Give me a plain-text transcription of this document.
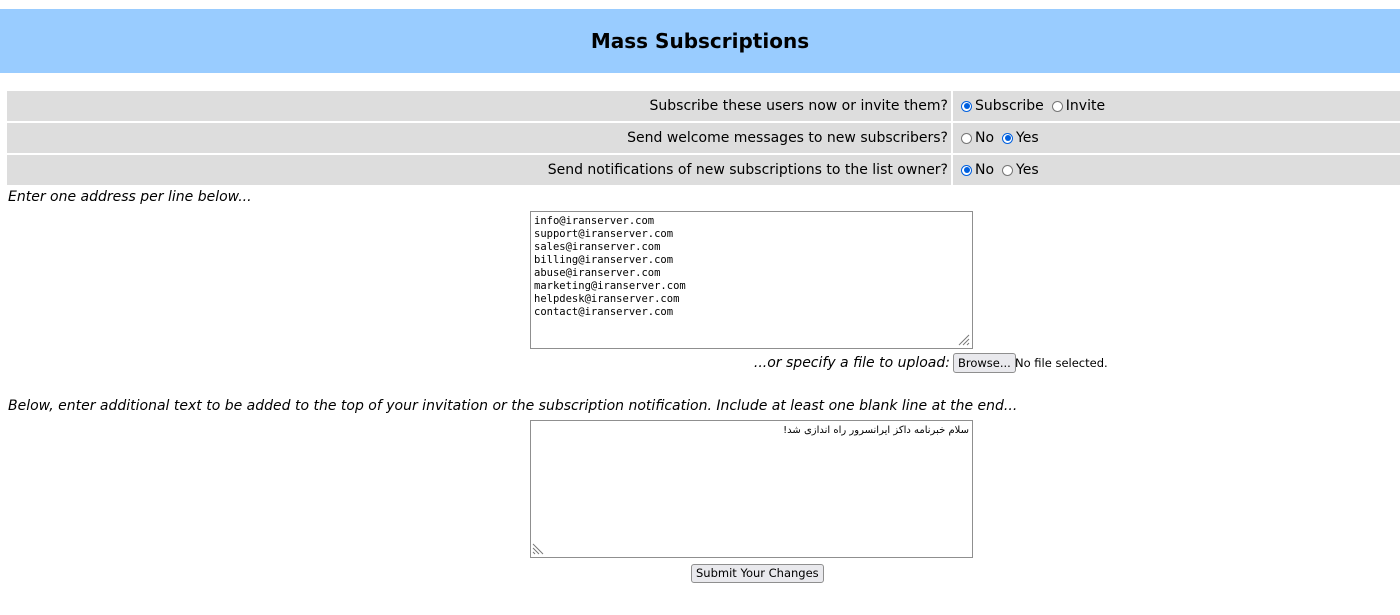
Mass Subscriptions
Subscribe these users now or invite them? Subscribe Invite
Send welcome messages to new subscribers? No Yes
Send notifications of new subscriptions to the list owner? No Yes
Enter one address per line below...
info@iranserver.com
support@iranserver.com
sales@iranserver.com
billing@iranserver.com
abuse@iranserver.com
marketing@iranserver.com
helpdesk@iranserver.com
contact@iranserver.com
...or specify a file to upload: Browse... No file selected.
Below, enter additional text to be added to the top of your invitation or the subscription notification. Include at least one blank line at the end...
سلام خبرنامه داکز ایرانسرور راه اندازی شد!
Submit Your Changes
